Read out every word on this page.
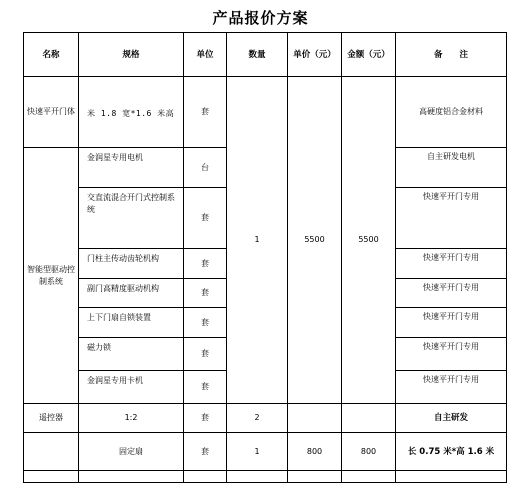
产品报价方案
名称	规格	单位	数量	单价（元）	金额（元）	备　　注
快速平开门体	米 1.8 宽*1.6 米高	套	1	5500	5500	高硬度铝合金材料
智能型驱动控制系统	金润星专用电机	台				自主研发电机
	交直流混合开门式控制系统	套				快速平开门专用
	门柱主传动齿轮机构	套				快速平开门专用
	副门高精度驱动机构	套				快速平开门专用
	上下门扇自锁装置	套				快速平开门专用
	磁力锁	套				快速平开门专用
	金润星专用卡机	套				快速平开门专用
遥控器	1:2	套	2			自主研发
	固定扇	套	1	800	800	长 0.75 米*高 1.6 米
